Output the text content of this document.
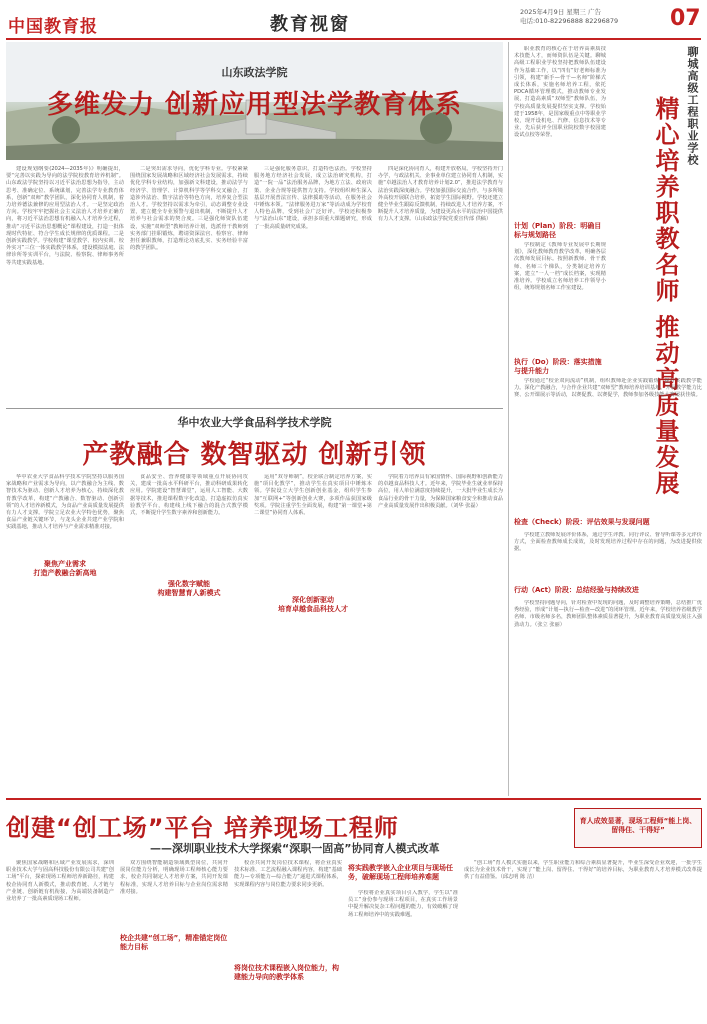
中国教育报	教育视窗
2025年4月9日 星期三 广告
电话:010-82296888 82296879	07
山东政法学院
多维发力 创新应用型法学教育体系
建设规划纲要(2024—2035年)》明确提出，要“完善以实践为导向的法学院校教育培养机制”。山东政法学院坚持以习近平法治思想为指导，主动思考、准确定位、系统谋划，完善法学专业教育体系，创新“双师”教学团队，深化协同育人机制，着力培养德法兼修的应用型法治人才。一是坚定政治方向。学校牢牢把握社会主义法治人才培养正确方向，将习近平法治思想有机融入人才培养全过程，推动“习近平法治思想概论”课程建设，打造一批体现时代特征、符合学生成长规律的优质课程。二是创新实践教学。学校构建“课堂教学、校内实训、校外实习”三位一体实践教学体系，建设模拟法庭、法律诊所等实训平台，与法院、检察院、律师事务所等共建实践基地。
二是突出需求导向，优化学科专业。学校紧紧围绕国家发展战略和区域经济社会发展需求，持续优化学科专业结构，加强新文科建设，推动法学与经济学、管理学、计算机科学等学科交叉融合，打造涉外法治、数字法治等特色方向，培养复合型法治人才。学校坚持以需求为牵引，动态调整专业设置，建立健全专业预警与退出机制，不断提升人才培养与社会需求的契合度。三是强化师资队伍建设，实施“双师型”教师培养计划，选派骨干教师到实务部门挂职锻炼，聘请资深法官、检察官、律师担任兼职教师，打造理论功底扎实、实务经验丰富的教学团队。
三是强化服务意识，打造特色法治。学校坚持服务地方经济社会发展，成立法治研究机构，打造“一院一品”法治服务品牌，为地方立法、政府决策、企业合规等提供智力支持。学校组织师生深入基层开展普法宣传、法律援助等活动，在服务社会中锤炼本领。“法律服务进万家”等活动成为学校育人特色品牌，受到社会广泛好评。学校还积极参与“法治山东”建设，承担多项重大课题研究，形成了一批高质量研究成果。
四是深化协同育人，构建开放格局。学校坚持开门办学，与政法机关、企事业单位建立协同育人机制，实施“卓越法治人才教育培养计划2.0”，推进法学教育与法治实践深度融合。学校加强国际交流合作，与多所境外高校开展联合培养，拓宽学生国际视野。学校还建立健全毕业生跟踪反馈机制，持续改进人才培养方案，不断提升人才培养质量，为建设更高水平的法治中国提供有力人才支撑。（山东政法学院党委宣传部 供稿）
聊城高级工程职业学校
精心培养职教名师 推动高质量发展
职业教育的核心在于培养高素质技术技能人才，而师资队伍是关键。聊城高级工程职业学校坚持把教师队伍建设作为基础工作，以“四有”好老师标准为引领，构建“新手—骨干—名师”阶梯式成长体系，实施名师培养工程，依托PDCA循环管理模式，推动教师专业发展，打造高素质“双师型”教师队伍，为学校高质量发展提供坚实支撑。学校始建于1958年，是国家级重点中等职业学校，现开设机电、汽修、信息技术等专业，先后获评全国职业院校数字校园建设试点校等荣誉。
计划（Plan）阶段：明确目标与规划路径
学校制定《教师专业发展中长期规划》，深化教师教育教学改革，明确各层次教师发展目标。按照新教师、骨干教师、名师三个梯队，分类制定培养方案，建立“一人一档”成长档案，实现精准培养。学校成立名师培养工作领导小组，统筹规划名师工作室建设。
执行（Do）阶段：落实措施与提升能力
学校通过“校企双向流动”机制，组织教师赴企业实践锻炼，提升实践教学能力。深化产教融合，与合作企业共建“双师型”教师培养培训基地。开展教学能力比赛、公开课展示等活动，以赛促教、以赛促学，教师参加各级技能大赛屡获佳绩。
检查（Check）阶段：评估效果与发现问题
学校建立教师发展评价体系，通过学生评教、同行评议、督导听课等多元评价方式，全面检查教师成长成效，及时发现培养过程中存在的问题，为改进提供依据。
行动（Act）阶段：总结经验与持续改进
学校坚持问题导向，针对检查中发现的问题，及时调整培养策略，总结推广优秀经验，形成“计划—执行—检查—改进”的闭环管理。近年来，学校培养省级教学名师、市级名师多名，教师团队整体素质显著提升，为职业教育高质量发展注入强劲动力。（张立 张丽）
华中农业大学食品科学技术学院
产教融合 数智驱动 创新引领
华中农业大学食品科学技术学院坚持以服务国家战略和产业需求为导向，以产教融合为主线、数智技术为驱动、创新人才培养为核心，持续深化教育教学改革，构建“产教融合、数智驱动、创新引领”的人才培养新模式，为食品产业高质量发展提供有力人才支撑。学院立足农业大学特色优势，聚焦食品产业链关键环节，与龙头企业共建产业学院和实践基地，推动人才培养与产业需求精准对接。
食品安全、营养健康等领域重点开展协同攻关，建成一批高水平科研平台，推动科研成果转化应用。学院建设“智慧课堂”，运用人工智能、大数据等技术，推进课程数字化改造，打造虚拟仿真实验教学平台，构建线上线下融合的混合式教学模式，不断提升学生数字素养和创新能力。
运用“双导师制”，校企联合制定培养方案，实施“项目化教学”，推动学生在真实项目中锤炼本领。学院设立大学生创新创业基金，组织学生参加“互联网+”等创新创业大赛，多项作品获国家级奖项。学院注重学生全面发展，构建“第一课堂+第二课堂”协同育人体系。
学院着力培养具有家国情怀、国际视野和创新能力的卓越食品科技人才。近年来，学院毕业生就业率保持高位，用人单位满意度持续提升，一大批毕业生成长为食品行业的骨干力量，为保障国家粮食安全和推动食品产业高质量发展作出积极贡献。（刘华 张磊）
聚焦产业需求
打造产教融合新高地
强化数字赋能
构建智慧育人新模式
深化创新驱动
培育卓越食品科技人才
创建“创工场”平台 培养现场工程师
——深圳职业技术大学探索“深职一固高”协同育人模式改革
聚焦国家战略和区域产业发展需求，深圳职业技术大学与固高科技股份有限公司共建“创工场”平台，探索现场工程师培养新路径，构建校企协同育人新模式，推动教育链、人才链与产业链、创新链有机衔接，为高端装备制造产业培养了一批高素质现场工程师。
双方围绕智能制造领域典型岗位，共同开展岗位能力分析，明确现场工程师核心能力要求，校企共同制定人才培养方案，共同开发课程标准，实现人才培养目标与企业岗位需求精准对接。
校企共建“创工场”，精准锚定岗位能力目标
校企共同开发岗位技术课程，将企业真实技术标准、工艺流程融入课程内容，构建“基础能力—专项能力—综合能力”递进式课程体系，实现课程内容与岗位能力要求同步更新。
将岗位技术课程嵌入岗位能力，构建能力导向的教学体系
学校将企业真实项目引入教学，学生以“准员工”身份参与现场工程项目，在真实工作场景中提升解决复杂工程问题的能力，有效破解了现场工程师培养中的实践难题。
将实践教学嵌入企业项目与现场任务，破解现场工程师培养难题
育人成效显著，现场工程师“能上岗、留得住、干得好”
“创工场”育人模式实施以来，学生职业能力和综合素质显著提升，毕业生深受企业欢迎，一批学生成长为企业技术骨干，实现了“能上岗、留得住、干得好”的培养目标，为职业教育人才培养模式改革提供了有益借鉴。（邱志明 陈 洁）
